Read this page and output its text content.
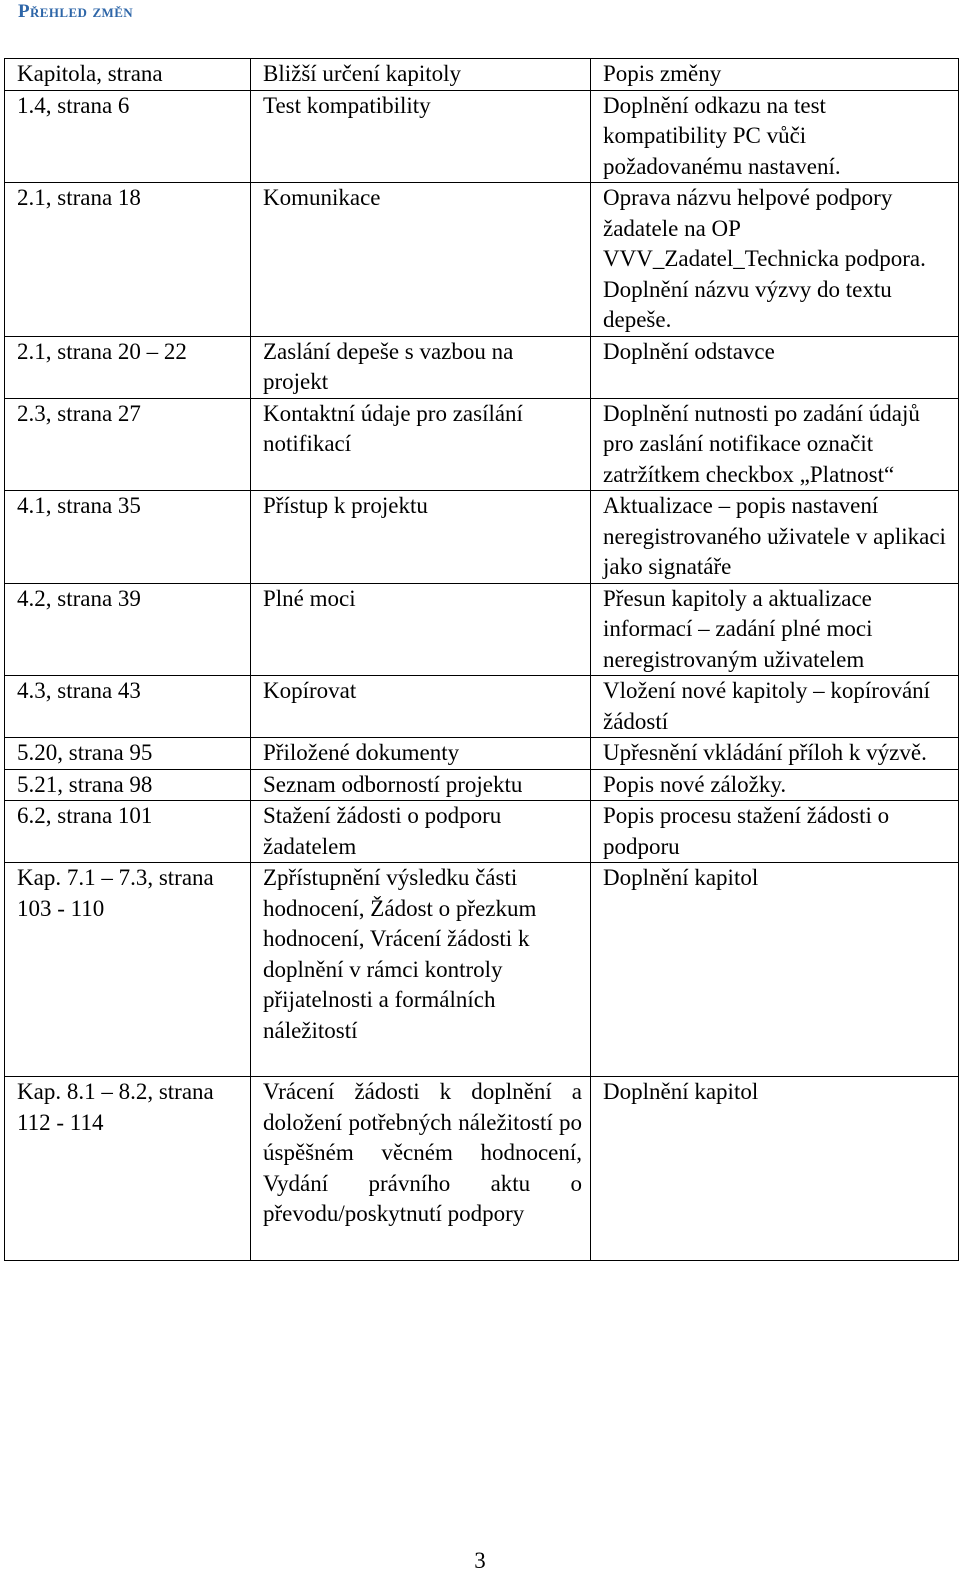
Přehled změn
Kapitola, strana	Bližší určení kapitoly	Popis změny
1.4, strana 6	Test kompatibility	Doplnění odkazu na test kompatibility PC vůči požadovanému nastavení.
2.1, strana 18	Komunikace	Oprava názvu helpové podpory žadatele na OP VVV_Zadatel_Technicka podpora. Doplnění názvu výzvy do textu depeše.
2.1, strana 20 – 22	Zaslání depeše s vazbou na projekt	Doplnění odstavce
2.3, strana 27	Kontaktní údaje pro zasílání notifikací	Doplnění nutnosti po zadání údajů pro zaslání notifikace označit zatržítkem checkbox „Platnost“
4.1, strana 35	Přístup k projektu	Aktualizace – popis nastavení neregistrovaného uživatele v aplikaci jako signatáře
4.2, strana 39	Plné moci	Přesun kapitoly a aktualizace informací – zadání plné moci neregistrovaným uživatelem
4.3, strana 43	Kopírovat	Vložení nové kapitoly – kopírování žádostí
5.20, strana 95	Přiložené dokumenty	Upřesnění vkládání příloh k výzvě.
5.21, strana 98	Seznam odborností projektu	Popis nové záložky.
6.2, strana 101	Stažení žádosti o podporu žadatelem	Popis procesu stažení žádosti o podporu
Kap. 7.1 – 7.3, strana 103 - 110	Zpřístupnění výsledku části hodnocení, Žádost o přezkum hodnocení, Vrácení žádosti k doplnění v rámci kontroly přijatelnosti a formálních náležitostí	Doplnění kapitol
Kap. 8.1 – 8.2, strana 112 - 114	Vrácení žádosti k doplnění a doložení potřebných náležitostí po úspěšném věcném hodnocení, Vydání právního aktu o převodu/poskytnutí podpory	Doplnění kapitol
3
